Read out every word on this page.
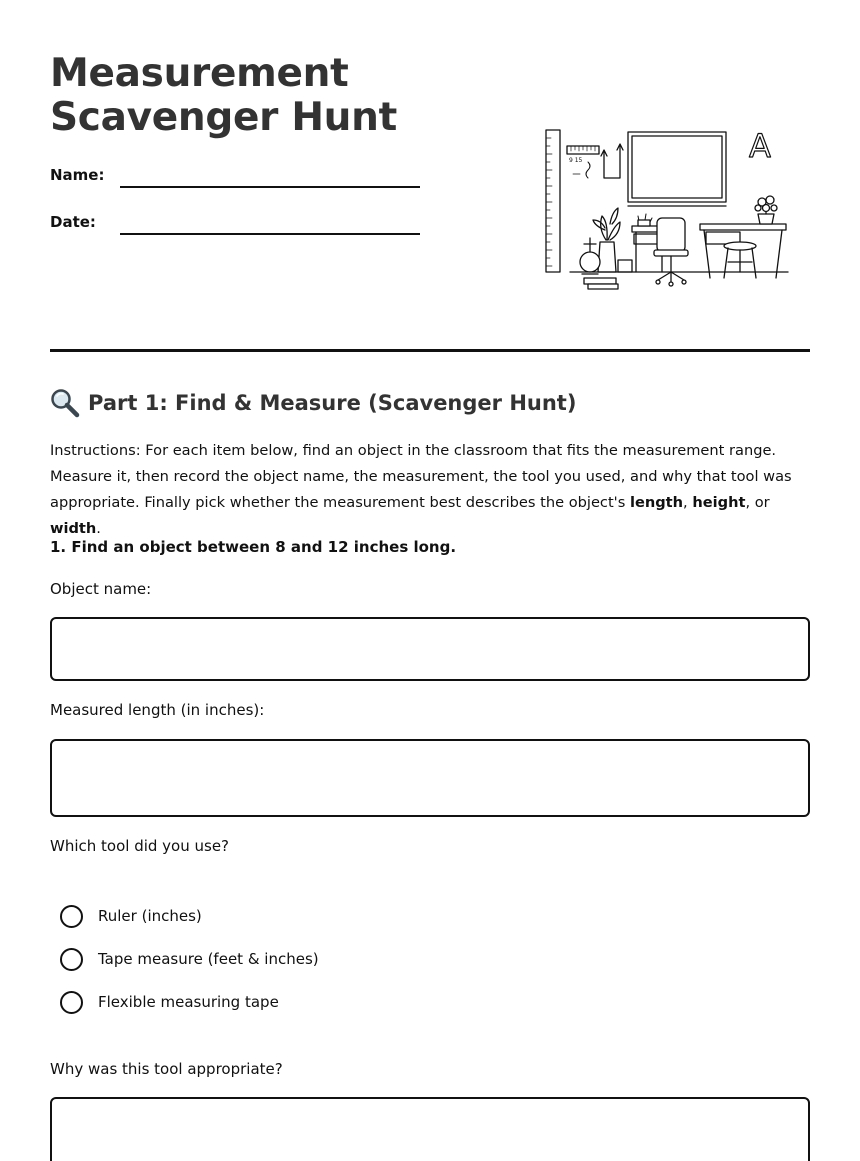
Measurement
Scavenger Hunt
Name:
Date:
9 15	A
Part 1: Find & Measure (Scavenger Hunt)
Instructions: For each item below, find an object in the classroom that fits the measurement range. Measure it, then record the object name, the measurement, the tool you used, and why that tool was appropriate. Finally pick whether the measurement best describes the object's length, height, or width.
1. Find an object between 8 and 12 inches long.
Object name:
Measured length (in inches):
Which tool did you use?
Ruler (inches)
Tape measure (feet & inches)
Flexible measuring tape
Why was this tool appropriate?
